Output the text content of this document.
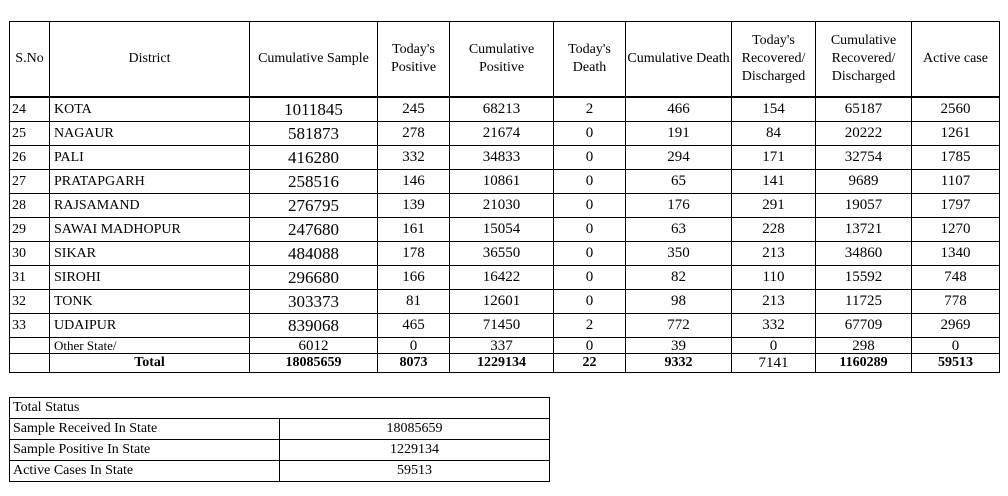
S.No	District	Cumulative Sample	Today's Positive	Cumulative Positive	Today's Death	Cumulative Death	Today's Recovered/ Discharged	Cumulative Recovered/ Discharged	Active case
24	KOTA	1011845	245	68213	2	466	154	65187	2560
25	NAGAUR	581873	278	21674	0	191	84	20222	1261
26	PALI	416280	332	34833	0	294	171	32754	1785
27	PRATAPGARH	258516	146	10861	0	65	141	9689	1107
28	RAJSAMAND	276795	139	21030	0	176	291	19057	1797
29	SAWAI MADHOPUR	247680	161	15054	0	63	228	13721	1270
30	SIKAR	484088	178	36550	0	350	213	34860	1340
31	SIROHI	296680	166	16422	0	82	110	15592	748
32	TONK	303373	81	12601	0	98	213	11725	778
33	UDAIPUR	839068	465	71450	2	772	332	67709	2969
	Other State/	6012	0	337	0	39	0	298	0
	Total	18085659	8073	1229134	22	9332	7141	1160289	59513
Total Status	
Sample Received In State	18085659
Sample Positive In State	1229134
Active Cases In State	59513
